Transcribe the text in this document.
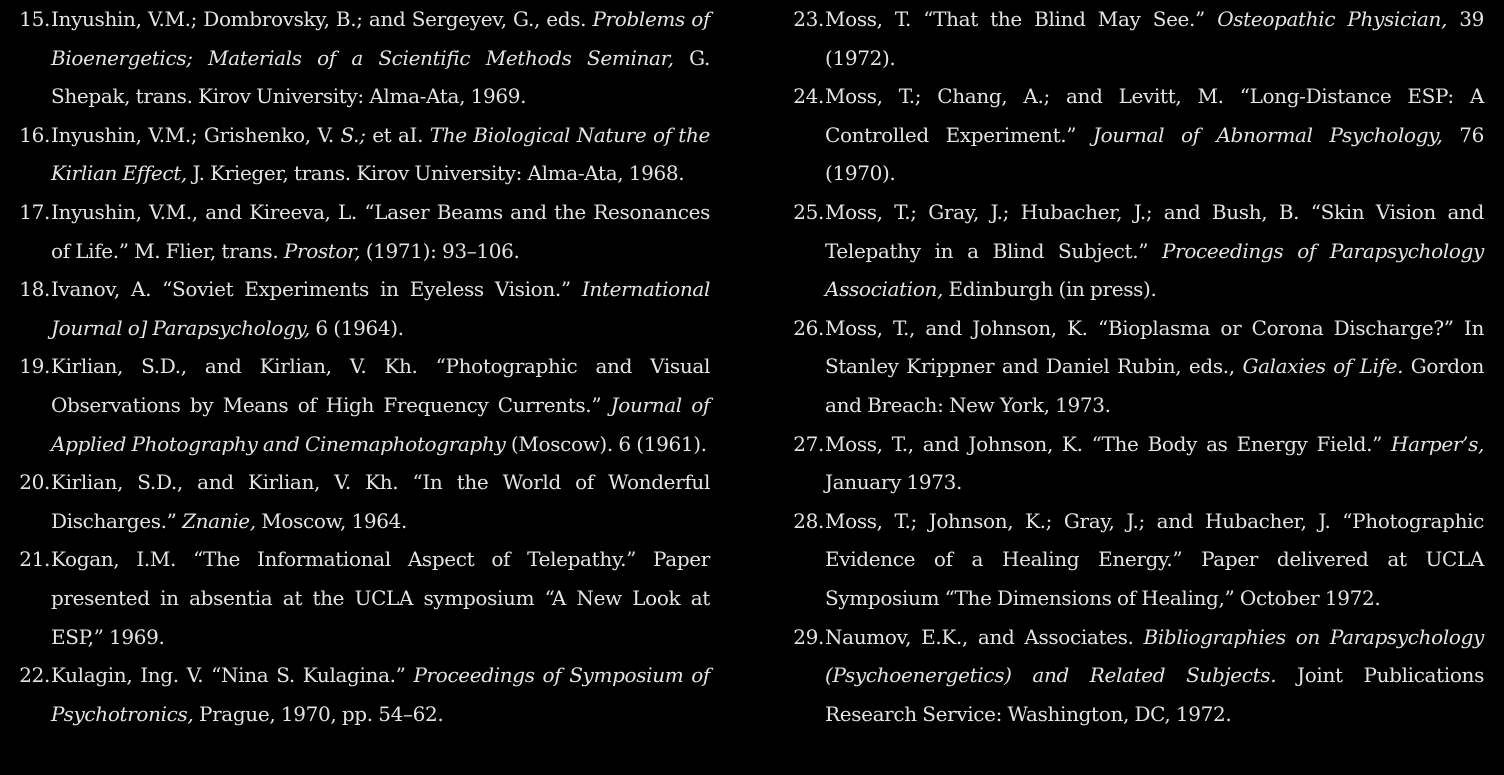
15. Inyushin, V.M.; Dombrovsky, B.; and Sergeyev, G., eds. Problems of Bioenergetics; Materials of a Scientific Methods Seminar, G. Shepak, trans. Kirov University: Alma-Ata, 1969.
16. Inyushin, V.M.; Grishenko, V. S.; et aI. The Biological Nature of the Kirlian Effect, J. Krieger, trans. Kirov University: Alma-Ata, 1968.
17. Inyushin, V.M., and Kireeva, L. “Laser Beams and the Resonances of Life.” M. Flier, trans. Prostor, (1971): 93–106.
18. Ivanov, A. “Soviet Experiments in Eyeless Vision.” International Journal o] Parapsychology, 6 (1964).
19. Kirlian, S.D., and Kirlian, V. Kh. “Photographic and Visual Observations by Means of High Frequency Currents.” Journal of Applied Photography and Cinemaphotography (Moscow). 6 (1961).
20. Kirlian, S.D., and Kirlian, V. Kh. “In the World of Wonderful Discharges.” Znanie, Moscow, 1964.
21. Kogan, I.M. “The Informational Aspect of Telepathy.” Paper presented in absentia at the UCLA symposium “A New Look at ESP,” 1969.
22. Kulagin, Ing. V. “Nina S. Kulagina.” Proceedings of Symposium of Psychotronics, Prague, 1970, pp. 54–62.
23. Moss, T. “That the Blind May See.” Osteopathic Physician, 39 (1972).
24. Moss, T.; Chang, A.; and Levitt, M. “Long-Distance ESP: A Controlled Experiment.” Journal of Abnormal Psychology, 76 (1970).
25. Moss, T.; Gray, J.; Hubacher, J.; and Bush, B. “Skin Vision and Telepathy in a Blind Subject.” Proceedings of Parapsychology Association, Edinburgh (in press).
26. Moss, T., and Johnson, K. “Bioplasma or Corona Discharge?” In Stanley Krippner and Daniel Rubin, eds., Galaxies of Life. Gordon and Breach: New York, 1973.
27. Moss, T., and Johnson, K. “The Body as Energy Field.” Harper’s, January 1973.
28. Moss, T.; Johnson, K.; Gray, J.; and Hubacher, J. “Photographic Evidence of a Healing Energy.” Paper delivered at UCLA Symposium “The Dimensions of Healing,” October 1972.
29. Naumov, E.K., and Associates. Bibliographies on Parapsychology (Psychoenergetics) and Related Subjects. Joint Publications Research Service: Washington, DC, 1972.
